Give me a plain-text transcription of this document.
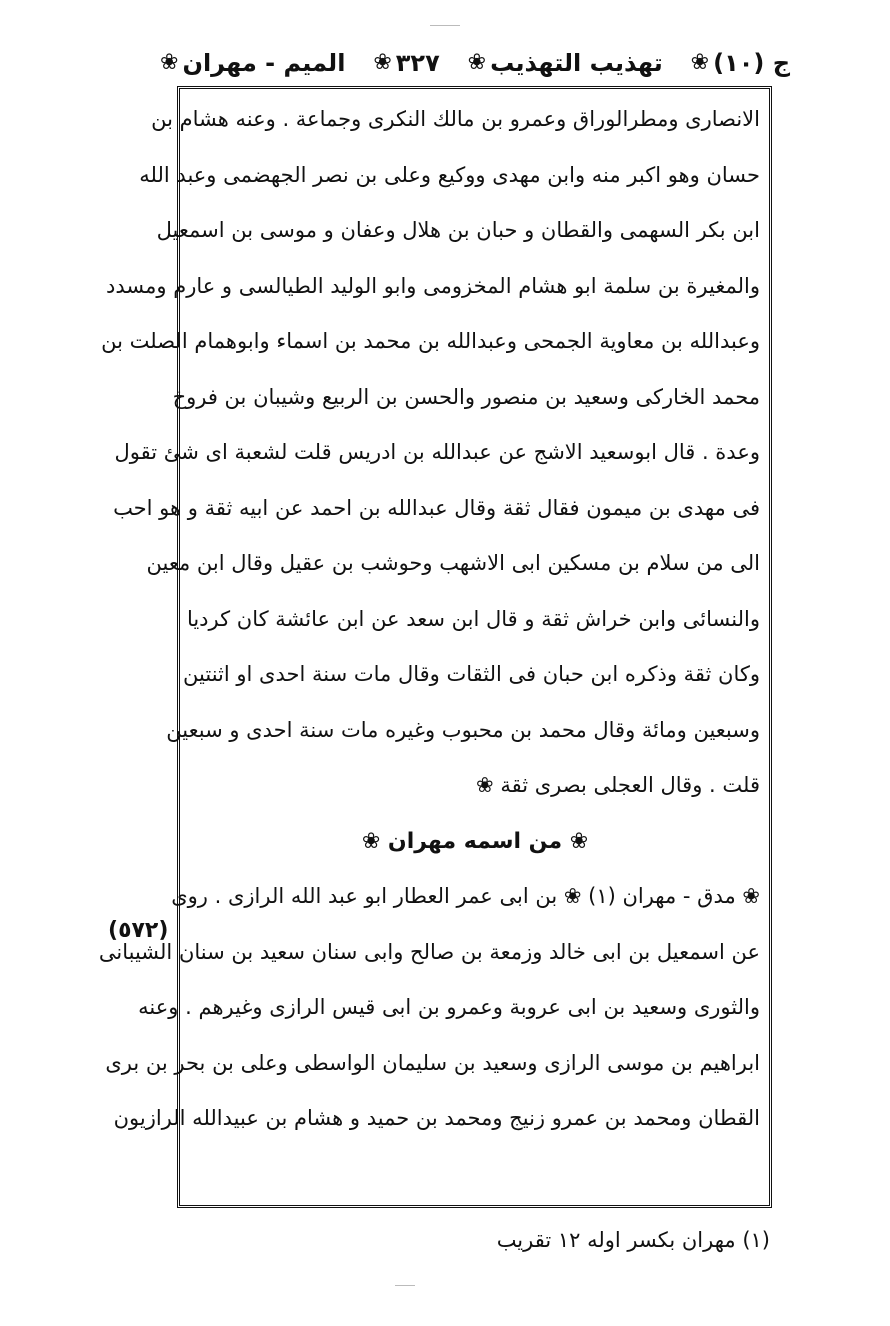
ج (١٠)
❀
تهذيب التهذيب
❀
٣٢٧
❀
الميم - مهران
❀
الانصارى ومطرالوراق وعمرو بن مالك النكرى وجماعة . وعنه هشام بن
حسان وهو اكبر منه وابن مهدى ووكيع وعلى بن نصر الجهضمى وعبد الله
ابن بكر السهمى والقطان و حبان بن هلال وعفان و موسى بن اسمعيل
والمغيرة بن سلمة ابو هشام المخزومى وابو الوليد الطيالسى و عارم ومسدد
وعبدالله بن معاوية الجمحى وعبدالله بن محمد بن اسماء وابوهمام الصلت بن
محمد الخاركى وسعيد بن منصور والحسن بن الربيع وشيبان بن فروخ
وعدة . قال ابوسعيد الاشج عن عبدالله بن ادريس قلت لشعبة اى شئ تقول
فى مهدى بن ميمون فقال ثقة وقال عبدالله بن احمد عن ابيه ثقة و هو احب
الى من سلام بن مسكين ابى الاشهب وحوشب بن عقيل وقال ابن معين
والنسائى وابن خراش ثقة و قال ابن سعد عن ابن عائشة كان كرديا
وكان ثقة وذكره ابن حبان فى الثقات وقال مات سنة احدى او اثنتين
وسبعين ومائة وقال محمد بن محبوب وغيره مات سنة احدى و سبعين
قلت . وقال العجلى بصرى ثقة ❀
❀ من اسمه مهران ❀
❀ مدق - مهران (١) ❀ بن ابى عمر العطار ابو عبد الله الرازى . روى
عن اسمعيل بن ابى خالد وزمعة بن صالح وابى سنان سعيد بن سنان الشيبانى
والثورى وسعيد بن ابى عروبة وعمرو بن ابى قيس الرازى وغيرهم . وعنه
ابراهيم بن موسى الرازى وسعيد بن سليمان الواسطى وعلى بن بحر بن برى
القطان ومحمد بن عمرو زنيج ومحمد بن حميد و هشام بن عبيدالله الرازيون
(٥٧٢)
(١) مهران بكسر اوله ١٢ تقريب
